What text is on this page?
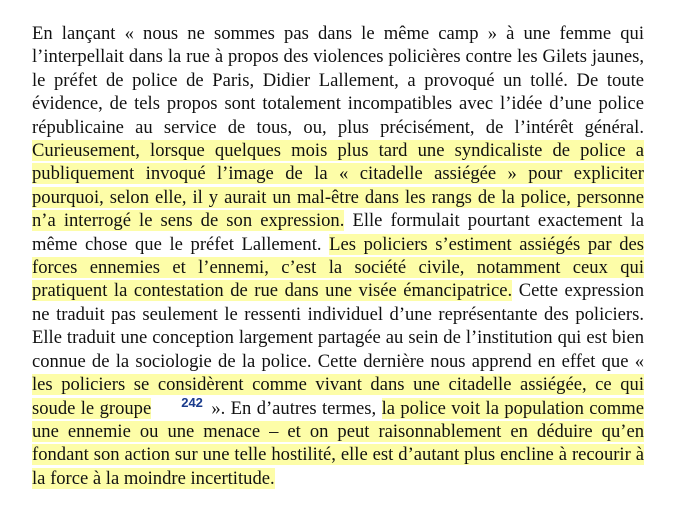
En lançant « nous ne sommes pas dans le même camp » à une femme qui l’interpellait dans la rue à propos des violences policières contre les Gilets jaunes, le préfet de police de Paris, Didier Lallement, a provoqué un tollé. De toute évidence, de tels propos sont totalement incompatibles avec l’idée d’une police républicaine au service de tous, ou, plus précisément, de l’intérêt général. Curieusement, lorsque quelques mois plus tard une syndicaliste de police a publiquement invoqué l’image de la « citadelle assiégée » pour expliciter pourquoi, selon elle, il y aurait un mal-être dans les rangs de la police, personne n’a interrogé le sens de son expression. Elle formulait pourtant exactement la même chose que le préfet Lallement. Les policiers s’estiment assiégés par des forces ennemies et l’ennemi, c’est la société civile, notamment ceux qui pratiquent la contestation de rue dans une visée émancipatrice. Cette expression ne traduit pas seulement le ressenti individuel d’une représentante des policiers. Elle traduit une conception largement partagée au sein de l’institution qui est bien connue de la sociologie de la police. Cette dernière nous apprend en effet que « les policiers se considèrent comme vivant dans une citadelle assiégée, ce qui soude le groupe $^{242}$ ». En d’autres termes, la police voit la population comme une ennemie ou une menace – et on peut raisonnablement en déduire qu’en fondant son action sur une telle hostilité, elle est d’autant plus encline à recourir à la force à la moindre incertitude.
